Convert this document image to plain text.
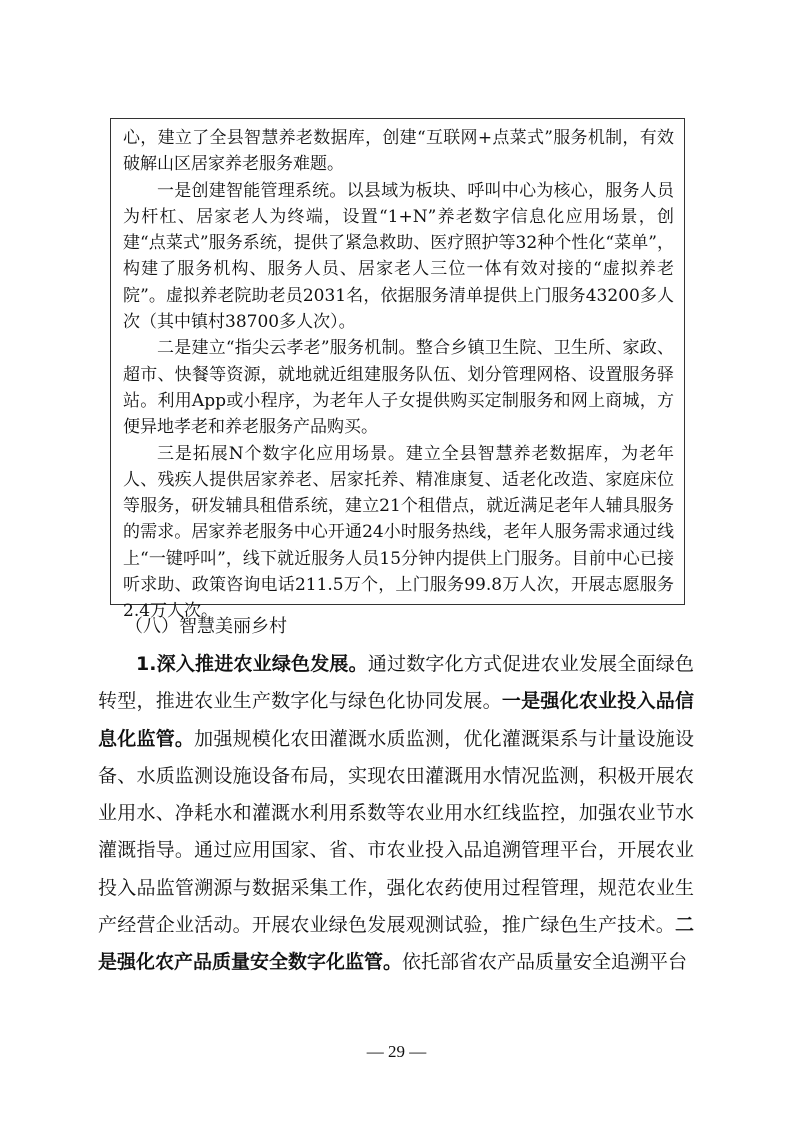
心，建立了全县智慧养老数据库，创建“互联网+点菜式”服务机制，有效破解山区居家养老服务难题。

一是创建智能管理系统。以县域为板块、呼叫中心为核心，服务人员为杆杠、居家老人为终端，设置“1+N”养老数字信息化应用场景，创建“点菜式”服务系统，提供了紧急救助、医疗照护等32种个性化“菜单”，构建了服务机构、服务人员、居家老人三位一体有效对接的“虚拟养老院”。虚拟养老院助老员2031名，依据服务清单提供上门服务43200多人次（其中镇村38700多人次）。

二是建立“指尖云孝老”服务机制。整合乡镇卫生院、卫生所、家政、超市、快餐等资源，就地就近组建服务队伍、划分管理网格、设置服务驿站。利用App或小程序，为老年人子女提供购买定制服务和网上商城，方便异地孝老和养老服务产品购买。

三是拓展N个数字化应用场景。建立全县智慧养老数据库，为老年人、残疾人提供居家养老、居家托养、精准康复、适老化改造、家庭床位等服务，研发辅具租借系统，建立21个租借点，就近满足老年人辅具服务的需求。居家养老服务中心开通24小时服务热线，老年人服务需求通过线上“一键呼叫”，线下就近服务人员15分钟内提供上门服务。目前中心已接听求助、政策咨询电话211.5万个，上门服务99.8万人次，开展志愿服务2.4万人次。

（八）智慧美丽乡村

1.深入推进农业绿色发展。通过数字化方式促进农业发展全面绿色转型，推进农业生产数字化与绿色化协同发展。一是强化农业投入品信息化监管。加强规模化农田灌溉水质监测，优化灌溉渠系与计量设施设备、水质监测设施设备布局，实现农田灌溉用水情况监测，积极开展农业用水、净耗水和灌溉水利用系数等农业用水红线监控，加强农业节水灌溉指导。通过应用国家、省、市农业投入品追溯管理平台，开展农业投入品监管溯源与数据采集工作，强化农药使用过程管理，规范农业生产经营企业活动。开展农业绿色发展观测试验，推广绿色生产技术。二是强化农产品质量安全数字化监管。依托部省农产品质量安全追溯平台

— 29 —
